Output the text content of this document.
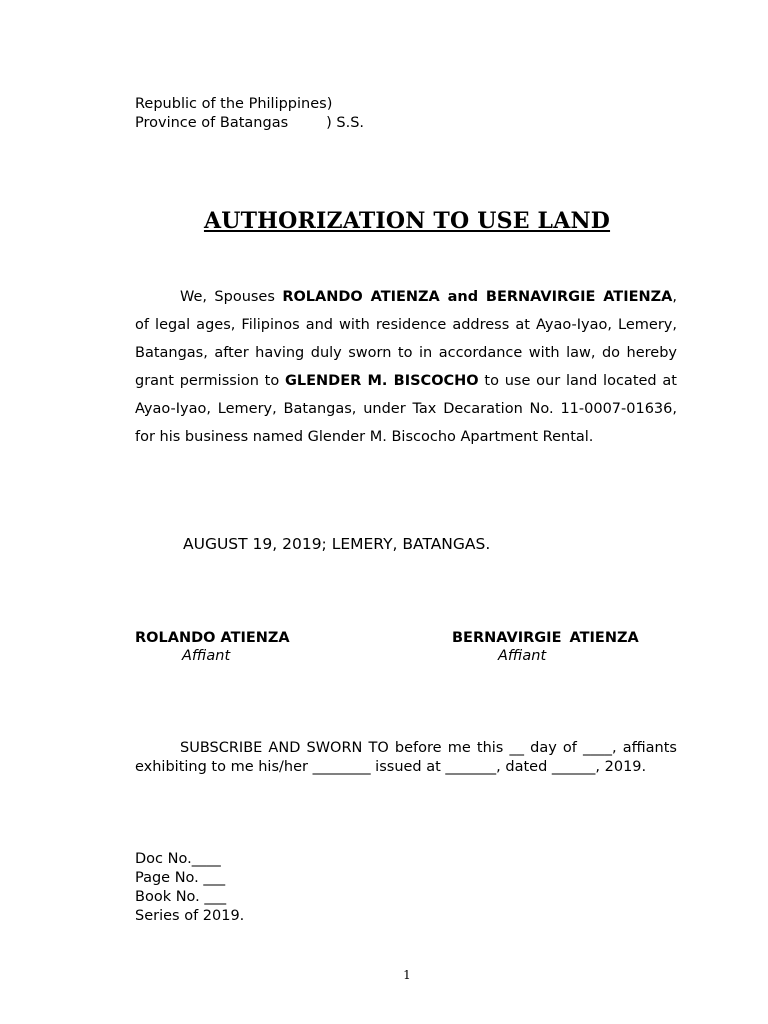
Republic of the Philippines)
Province of Batangas	) S.S.
AUTHORIZATION TO USE LAND

We, Spouses ROLANDO ATIENZA and BERNAVIRGIE ATIENZA, of legal ages, Filipinos and with residence address at Ayao-Iyao, Lemery, Batangas, after having duly sworn to in accordance with law, do hereby grant permission to GLENDER M. BISCOCHO to use our land located at Ayao-Iyao, Lemery, Batangas, under Tax Decaration No. 11-0007-01636, for his business named Glender M. Biscocho Apartment Rental.

AUGUST 19, 2019; LEMERY, BATANGAS.
ROLANDO ATIENZA
Affiant
BERNAVIRGIE ATIENZA
Affiant

SUBSCRIBE AND SWORN TO before me this __ day of ____, affiants exhibiting to me his/her ________ issued at _______, dated ______, 2019.

Doc No.____
Page No. ___
Book No. ___
Series of 2019.
1
